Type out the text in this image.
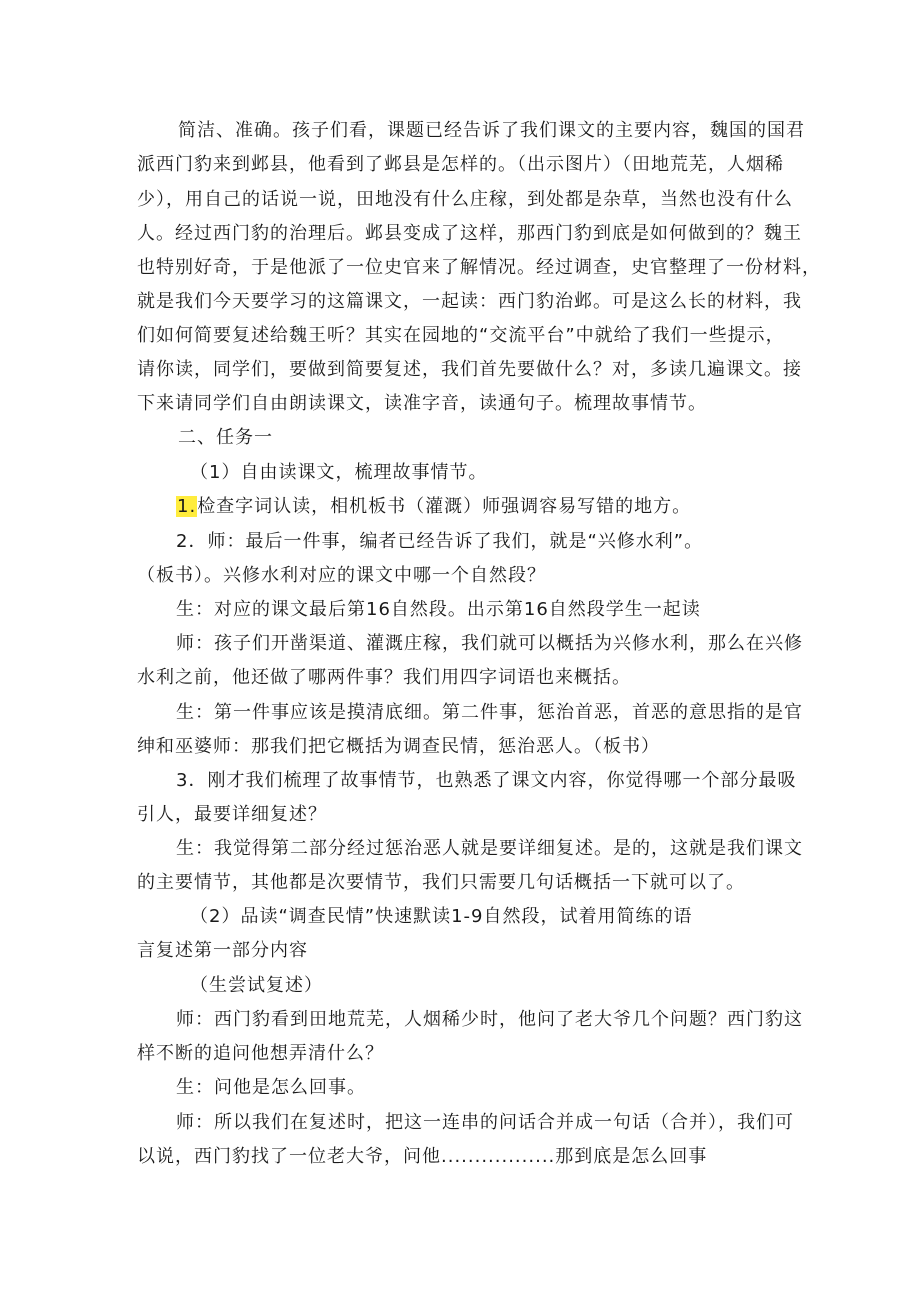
简洁、准确。孩子们看，课题已经告诉了我们课文的主要内容，魏国的国君
派西门豹来到邺县，他看到了邺县是怎样的。（出示图片）（田地荒芜，人烟稀
少），用自己的话说一说，田地没有什么庄稼，到处都是杂草，当然也没有什么
人。经过西门豹的治理后。邺县变成了这样，那西门豹到底是如何做到的？魏王
也特别好奇，于是他派了一位史官来了解情况。经过调查，史官整理了一份材料，
就是我们今天要学习的这篇课文，一起读：西门豹治邺。可是这么长的材料，我
们如何简要复述给魏王听？其实在园地的“交流平台”中就给了我们一些提示，
请你读，同学们，要做到简要复述，我们首先要做什么？对，多读几遍课文。接
下来请同学们自由朗读课文，读准字音，读通句子。梳理故事情节。
二、任务一
（1）自由读课文，梳理故事情节。
1.检查字词认读，相机板书（灌溉）师强调容易写错的地方。
2．师：最后一件事，编者已经告诉了我们，就是“兴修水利”。
（板书）。兴修水利对应的课文中哪一个自然段？
生：对应的课文最后第16自然段。出示第16自然段学生一起读
师：孩子们开凿渠道、灌溉庄稼，我们就可以概括为兴修水利，那么在兴修
水利之前，他还做了哪两件事？我们用四字词语也来概括。
生：第一件事应该是摸清底细。第二件事，惩治首恶，首恶的意思指的是官
绅和巫婆师：那我们把它概括为调查民情，惩治恶人。（板书）
3．刚才我们梳理了故事情节，也熟悉了课文内容，你觉得哪一个部分最吸
引人，最要详细复述？
生：我觉得第二部分经过惩治恶人就是要详细复述。是的，这就是我们课文
的主要情节，其他都是次要情节，我们只需要几句话概括一下就可以了。
（2）品读“调查民情”快速默读1-9自然段，试着用简练的语
言复述第一部分内容
（生尝试复述）
师：西门豹看到田地荒芜，人烟稀少时，他问了老大爷几个问题？西门豹这
样不断的追问他想弄清什么？
生：问他是怎么回事。
师：所以我们在复述时，把这一连串的问话合并成一句话（合并），我们可
以说，西门豹找了一位老大爷，问他.................那到底是怎么回事
